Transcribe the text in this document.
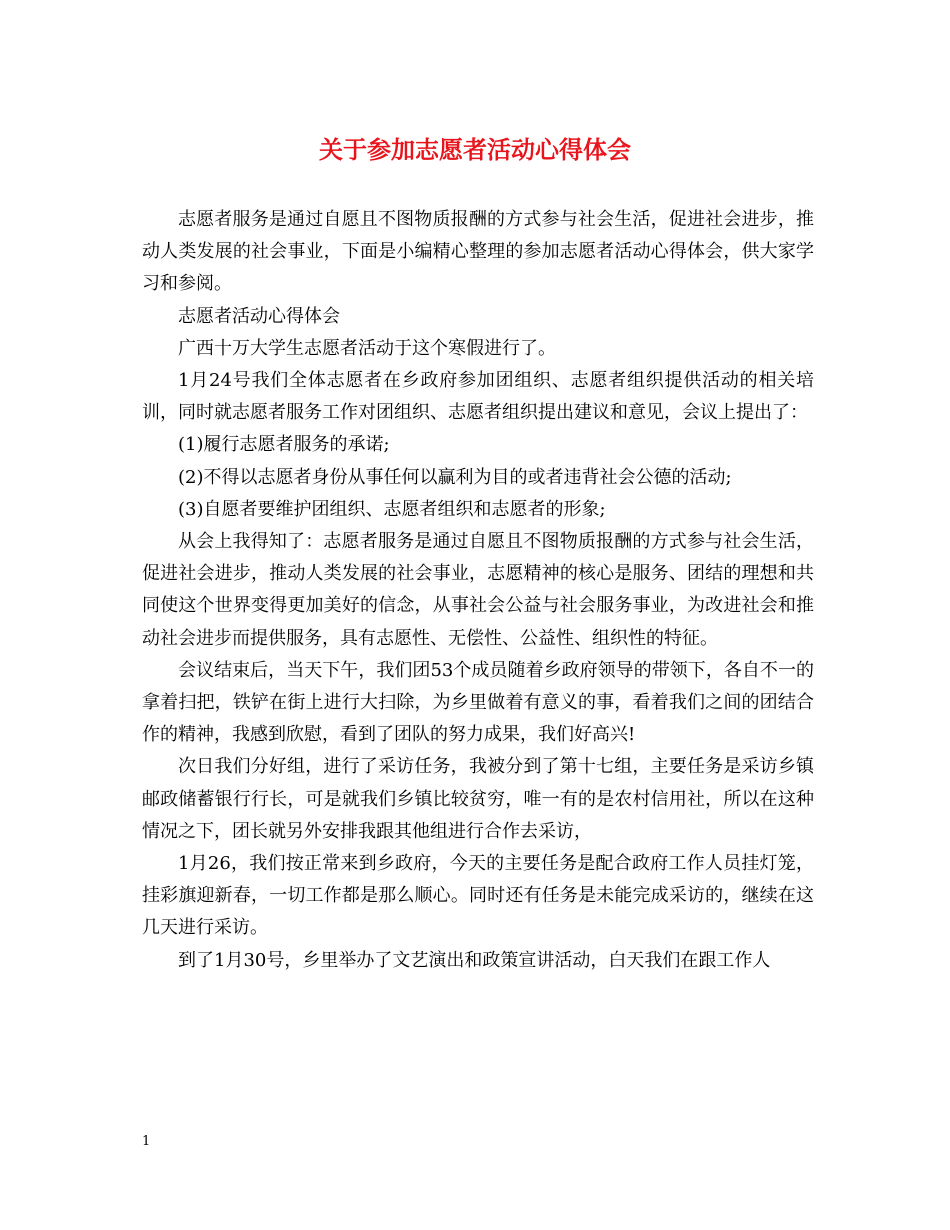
关于参加志愿者活动心得体会

志愿者服务是通过自愿且不图物质报酬的方式参与社会生活，促进社会进步，推动人类发展的社会事业，下面是小编精心整理的参加志愿者活动心得体会，供大家学习和参阅。

志愿者活动心得体会

广西十万大学生志愿者活动于这个寒假进行了。

1月24号我们全体志愿者在乡政府参加团组织、志愿者组织提供活动的相关培训，同时就志愿者服务工作对团组织、志愿者组织提出建议和意见，会议上提出了：

(1)履行志愿者服务的承诺;

(2)不得以志愿者身份从事任何以赢利为目的或者违背社会公德的活动;

(3)自愿者要维护团组织、志愿者组织和志愿者的形象;

从会上我得知了：志愿者服务是通过自愿且不图物质报酬的方式参与社会生活，促进社会进步，推动人类发展的社会事业，志愿精神的核心是服务、团结的理想和共同使这个世界变得更加美好的信念，从事社会公益与社会服务事业，为改进社会和推动社会进步而提供服务，具有志愿性、无偿性、公益性、组织性的特征。

会议结束后，当天下午，我们团53个成员随着乡政府领导的带领下，各自不一的拿着扫把，铁铲在街上进行大扫除，为乡里做着有意义的事，看着我们之间的团结合作的精神，我感到欣慰，看到了团队的努力成果，我们好高兴!

次日我们分好组，进行了采访任务，我被分到了第十七组，主要任务是采访乡镇邮政储蓄银行行长，可是就我们乡镇比较贫穷，唯一有的是农村信用社，所以在这种情况之下，团长就另外安排我跟其他组进行合作去采访，

1月26，我们按正常来到乡政府，今天的主要任务是配合政府工作人员挂灯笼，挂彩旗迎新春，一切工作都是那么顺心。同时还有任务是未能完成采访的，继续在这几天进行采访。

到了1月30号，乡里举办了文艺演出和政策宣讲活动，白天我们在跟工作人

1
